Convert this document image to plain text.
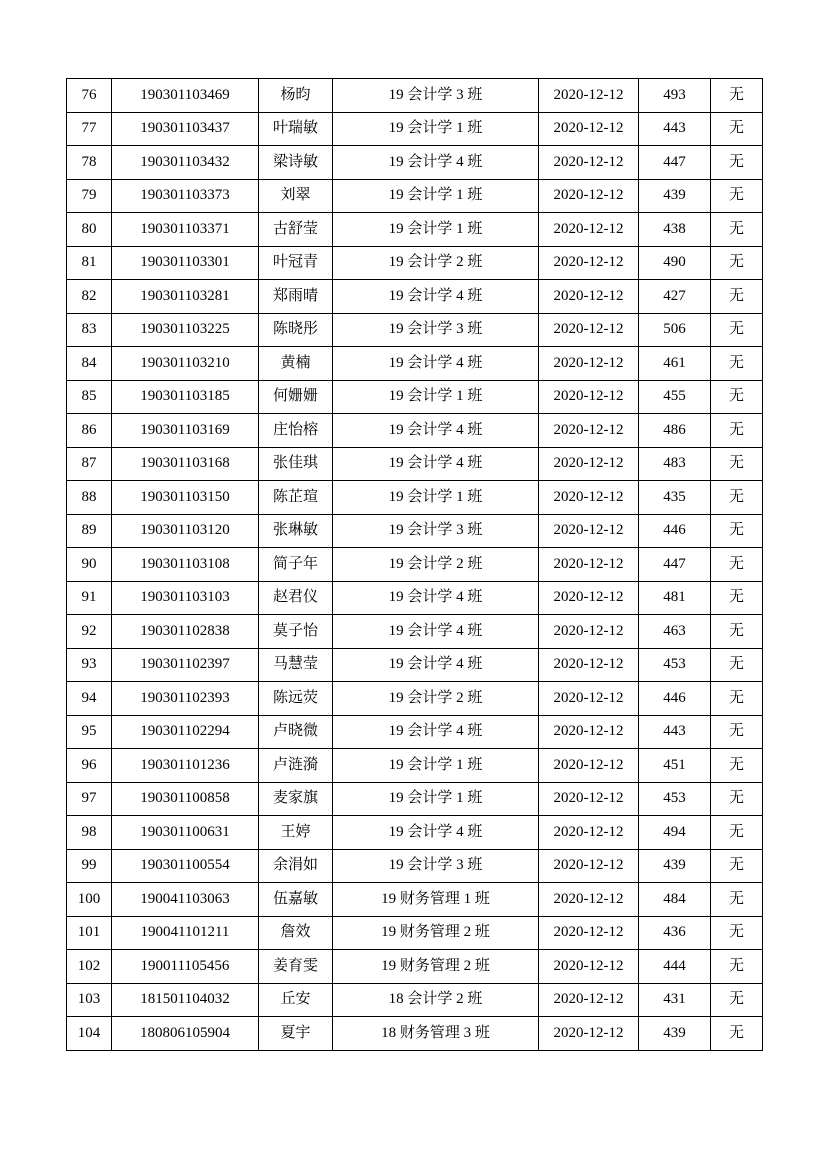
76	190301103469	杨昀	19 会计学 3 班	2020-12-12	493	无
77	190301103437	叶瑞敏	19 会计学 1 班	2020-12-12	443	无
78	190301103432	梁诗敏	19 会计学 4 班	2020-12-12	447	无
79	190301103373	刘翠	19 会计学 1 班	2020-12-12	439	无
80	190301103371	古舒莹	19 会计学 1 班	2020-12-12	438	无
81	190301103301	叶冠青	19 会计学 2 班	2020-12-12	490	无
82	190301103281	郑雨晴	19 会计学 4 班	2020-12-12	427	无
83	190301103225	陈晓彤	19 会计学 3 班	2020-12-12	506	无
84	190301103210	黄楠	19 会计学 4 班	2020-12-12	461	无
85	190301103185	何姗姗	19 会计学 1 班	2020-12-12	455	无
86	190301103169	庄怡榕	19 会计学 4 班	2020-12-12	486	无
87	190301103168	张佳琪	19 会计学 4 班	2020-12-12	483	无
88	190301103150	陈芷瑄	19 会计学 1 班	2020-12-12	435	无
89	190301103120	张琳敏	19 会计学 3 班	2020-12-12	446	无
90	190301103108	简子年	19 会计学 2 班	2020-12-12	447	无
91	190301103103	赵君仪	19 会计学 4 班	2020-12-12	481	无
92	190301102838	莫子怡	19 会计学 4 班	2020-12-12	463	无
93	190301102397	马慧莹	19 会计学 4 班	2020-12-12	453	无
94	190301102393	陈远荧	19 会计学 2 班	2020-12-12	446	无
95	190301102294	卢晓微	19 会计学 4 班	2020-12-12	443	无
96	190301101236	卢涟漪	19 会计学 1 班	2020-12-12	451	无
97	190301100858	麦家旗	19 会计学 1 班	2020-12-12	453	无
98	190301100631	王婷	19 会计学 4 班	2020-12-12	494	无
99	190301100554	余涓如	19 会计学 3 班	2020-12-12	439	无
100	190041103063	伍嘉敏	19 财务管理 1 班	2020-12-12	484	无
101	190041101211	詹效	19 财务管理 2 班	2020-12-12	436	无
102	190011105456	姜育雯	19 财务管理 2 班	2020-12-12	444	无
103	181501104032	丘安	18 会计学 2 班	2020-12-12	431	无
104	180806105904	夏宇	18 财务管理 3 班	2020-12-12	439	无
